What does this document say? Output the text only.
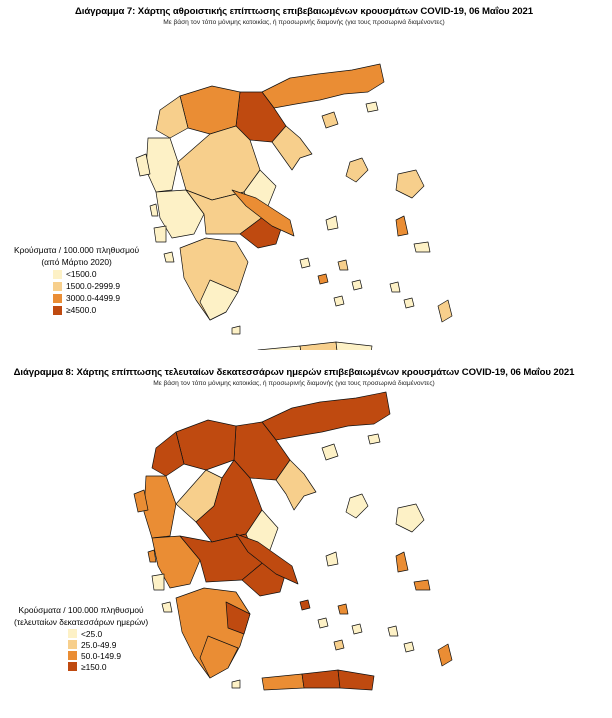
Διάγραμμα 7: Χάρτης αθροιστικής επίπτωσης επιβεβαιωμένων κρουσμάτων COVID-19, 06 Μαΐου 2021
Με βάση τον τόπο μόνιμης κατοικίας, ή προσωρινής διαμονής (για τους προσωρινά διαμένοντες)
Κρούσματα / 100.000 πληθυσμού
(από Μάρτιο 2020)
<1500.0
1500.0-2999.9
3000.0-4499.9
≥4500.0
Διάγραμμα 8: Χάρτης επίπτωσης τελευταίων δεκατεσσάρων ημερών επιβεβαιωμένων κρουσμάτων COVID-19, 06 Μαΐου 2021
Με βάση τον τόπο μόνιμης κατοικίας, ή προσωρινής διαμονής (για τους προσωρινά διαμένοντες)
Κρούσματα / 100.000 πληθυσμού
(τελευταίων δεκατεσσάρων ημερών)
<25.0
25.0-49.9
50.0-149.9
≥150.0
